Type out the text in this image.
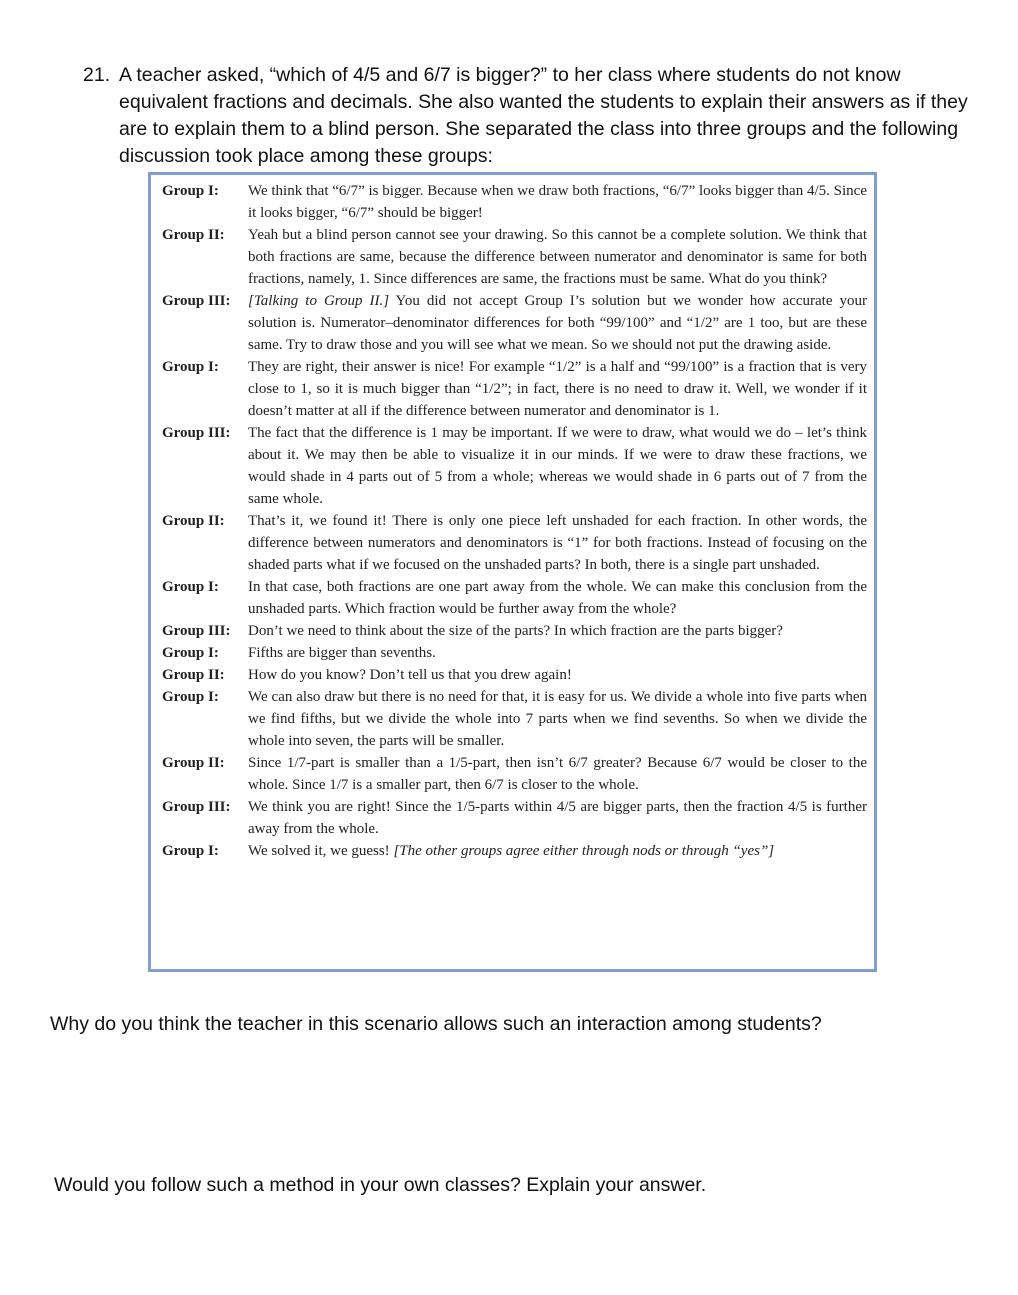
21. A teacher asked, “which of 4/5 and 6/7 is bigger?” to her class where students do not know equivalent fractions and decimals. She also wanted the students to explain their answers as if they are to explain them to a blind person. She separated the class into three groups and the following discussion took place among these groups:
Group I:	We think that “6/7” is bigger. Because when we draw both fractions, “6/7” looks bigger than 4/5. Since it looks bigger, “6/7” should be bigger!
Group II:	Yeah but a blind person cannot see your drawing. So this cannot be a complete solution. We think that both fractions are same, because the difference between numerator and denominator is same for both fractions, namely, 1. Since differences are same, the fractions must be same. What do you think?
Group III:	[Talking to Group II.] You did not accept Group I’s solution but we wonder how accurate your solution is. Numerator–denominator differences for both “99/100” and “1/2” are 1 too, but are these same. Try to draw those and you will see what we mean. So we should not put the drawing aside.
Group I:	They are right, their answer is nice! For example “1/2” is a half and “99/100” is a fraction that is very close to 1, so it is much bigger than “1/2”; in fact, there is no need to draw it. Well, we wonder if it doesn’t matter at all if the difference between numerator and denominator is 1.
Group III:	The fact that the difference is 1 may be important. If we were to draw, what would we do – let’s think about it. We may then be able to visualize it in our minds. If we were to draw these fractions, we would shade in 4 parts out of 5 from a whole; whereas we would shade in 6 parts out of 7 from the same whole.
Group II:	That’s it, we found it! There is only one piece left unshaded for each fraction. In other words, the difference between numerators and denominators is “1” for both fractions. Instead of focusing on the shaded parts what if we focused on the unshaded parts? In both, there is a single part unshaded.
Group I:	In that case, both fractions are one part away from the whole. We can make this conclusion from the unshaded parts. Which fraction would be further away from the whole?
Group III:	Don’t we need to think about the size of the parts? In which fraction are the parts bigger?
Group I:	Fifths are bigger than sevenths.
Group II:	How do you know? Don’t tell us that you drew again!
Group I:	We can also draw but there is no need for that, it is easy for us. We divide a whole into five parts when we find fifths, but we divide the whole into 7 parts when we find sevenths. So when we divide the whole into seven, the parts will be smaller.
Group II:	Since 1/7-part is smaller than a 1/5-part, then isn’t 6/7 greater? Because 6/7 would be closer to the whole. Since 1/7 is a smaller part, then 6/7 is closer to the whole.
Group III:	We think you are right! Since the 1/5-parts within 4/5 are bigger parts, then the fraction 4/5 is further away from the whole.
Group I:	We solved it, we guess! [The other groups agree either through nods or through “yes”]
Why do you think the teacher in this scenario allows such an interaction among students?
Would you follow such a method in your own classes? Explain your answer.
